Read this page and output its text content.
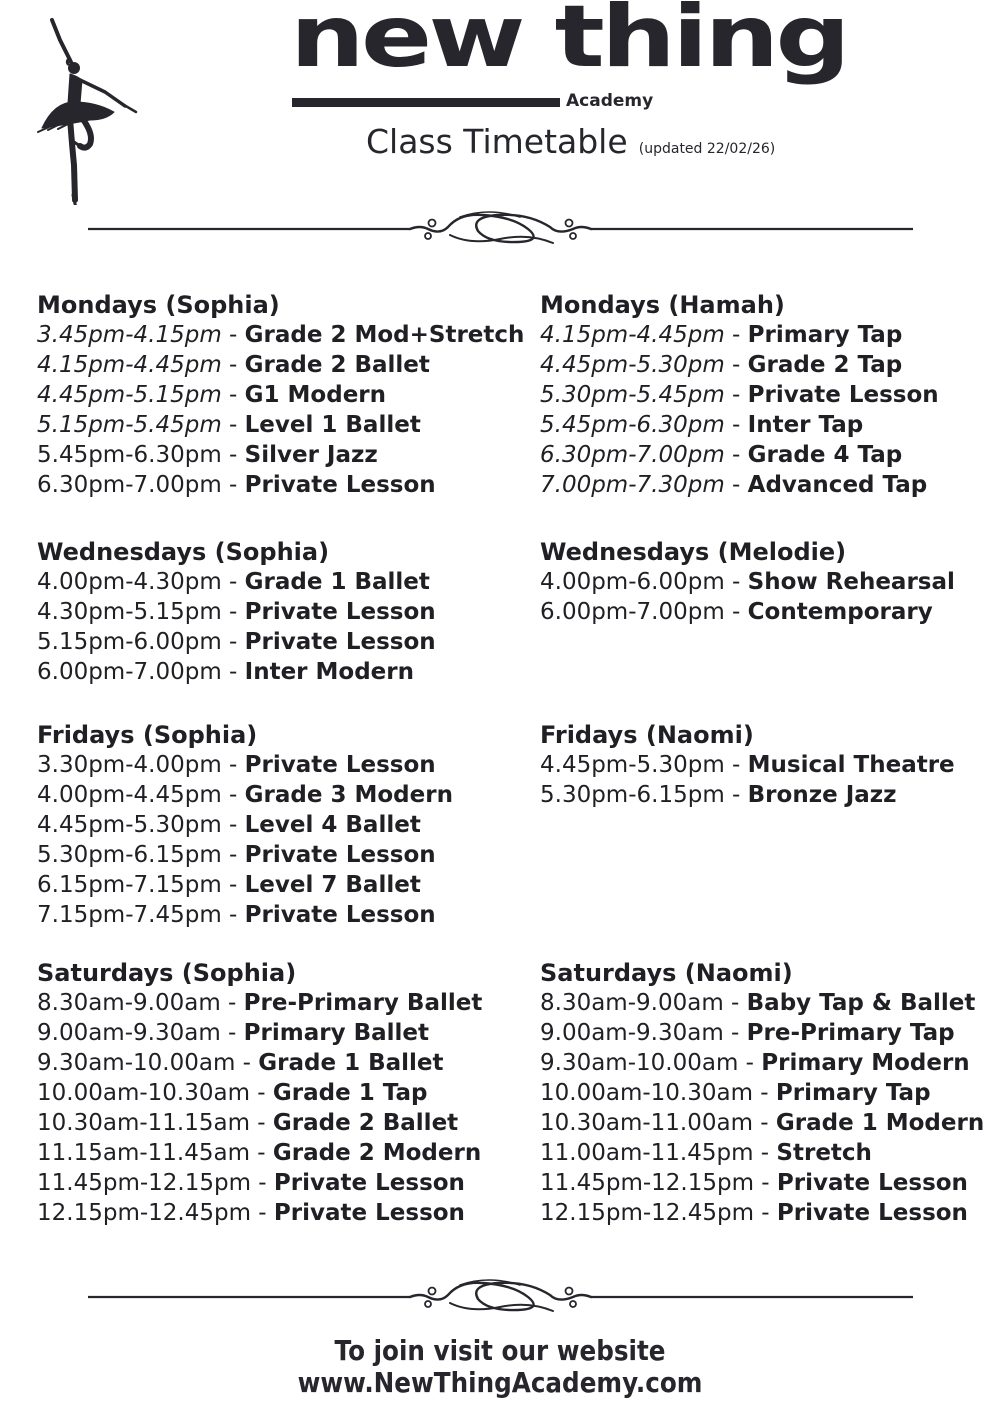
new thing
Academy
Class Timetable (updated 22/02/26)
Mondays (Sophia)
3.45pm-4.15pm - Grade 2 Mod+Stretch
4.15pm-4.45pm - Grade 2 Ballet
4.45pm-5.15pm - G1 Modern
5.15pm-5.45pm - Level 1 Ballet
5.45pm-6.30pm - Silver Jazz
6.30pm-7.00pm - Private Lesson
Wednesdays (Sophia)
4.00pm-4.30pm - Grade 1 Ballet
4.30pm-5.15pm - Private Lesson
5.15pm-6.00pm - Private Lesson
6.00pm-7.00pm - Inter Modern
Fridays (Sophia)
3.30pm-4.00pm - Private Lesson
4.00pm-4.45pm - Grade 3 Modern
4.45pm-5.30pm - Level 4 Ballet
5.30pm-6.15pm - Private Lesson
6.15pm-7.15pm - Level 7 Ballet
7.15pm-7.45pm - Private Lesson
Saturdays (Sophia)
8.30am-9.00am - Pre-Primary Ballet
9.00am-9.30am - Primary Ballet
9.30am-10.00am - Grade 1 Ballet
10.00am-10.30am - Grade 1 Tap
10.30am-11.15am - Grade 2 Ballet
11.15am-11.45am - Grade 2 Modern
11.45pm-12.15pm - Private Lesson
12.15pm-12.45pm - Private Lesson
Mondays (Hamah)
4.15pm-4.45pm - Primary Tap
4.45pm-5.30pm - Grade 2 Tap
5.30pm-5.45pm - Private Lesson
5.45pm-6.30pm - Inter Tap
6.30pm-7.00pm - Grade 4 Tap
7.00pm-7.30pm - Advanced Tap
Wednesdays (Melodie)
4.00pm-6.00pm - Show Rehearsal
6.00pm-7.00pm - Contemporary
Fridays (Naomi)
4.45pm-5.30pm - Musical Theatre
5.30pm-6.15pm - Bronze Jazz
Saturdays (Naomi)
8.30am-9.00am - Baby Tap & Ballet
9.00am-9.30am - Pre-Primary Tap
9.30am-10.00am - Primary Modern
10.00am-10.30am - Primary Tap
10.30am-11.00am - Grade 1 Modern
11.00am-11.45pm - Stretch
11.45pm-12.15pm - Private Lesson
12.15pm-12.45pm - Private Lesson
To join visit our website
www.NewThingAcademy.com
